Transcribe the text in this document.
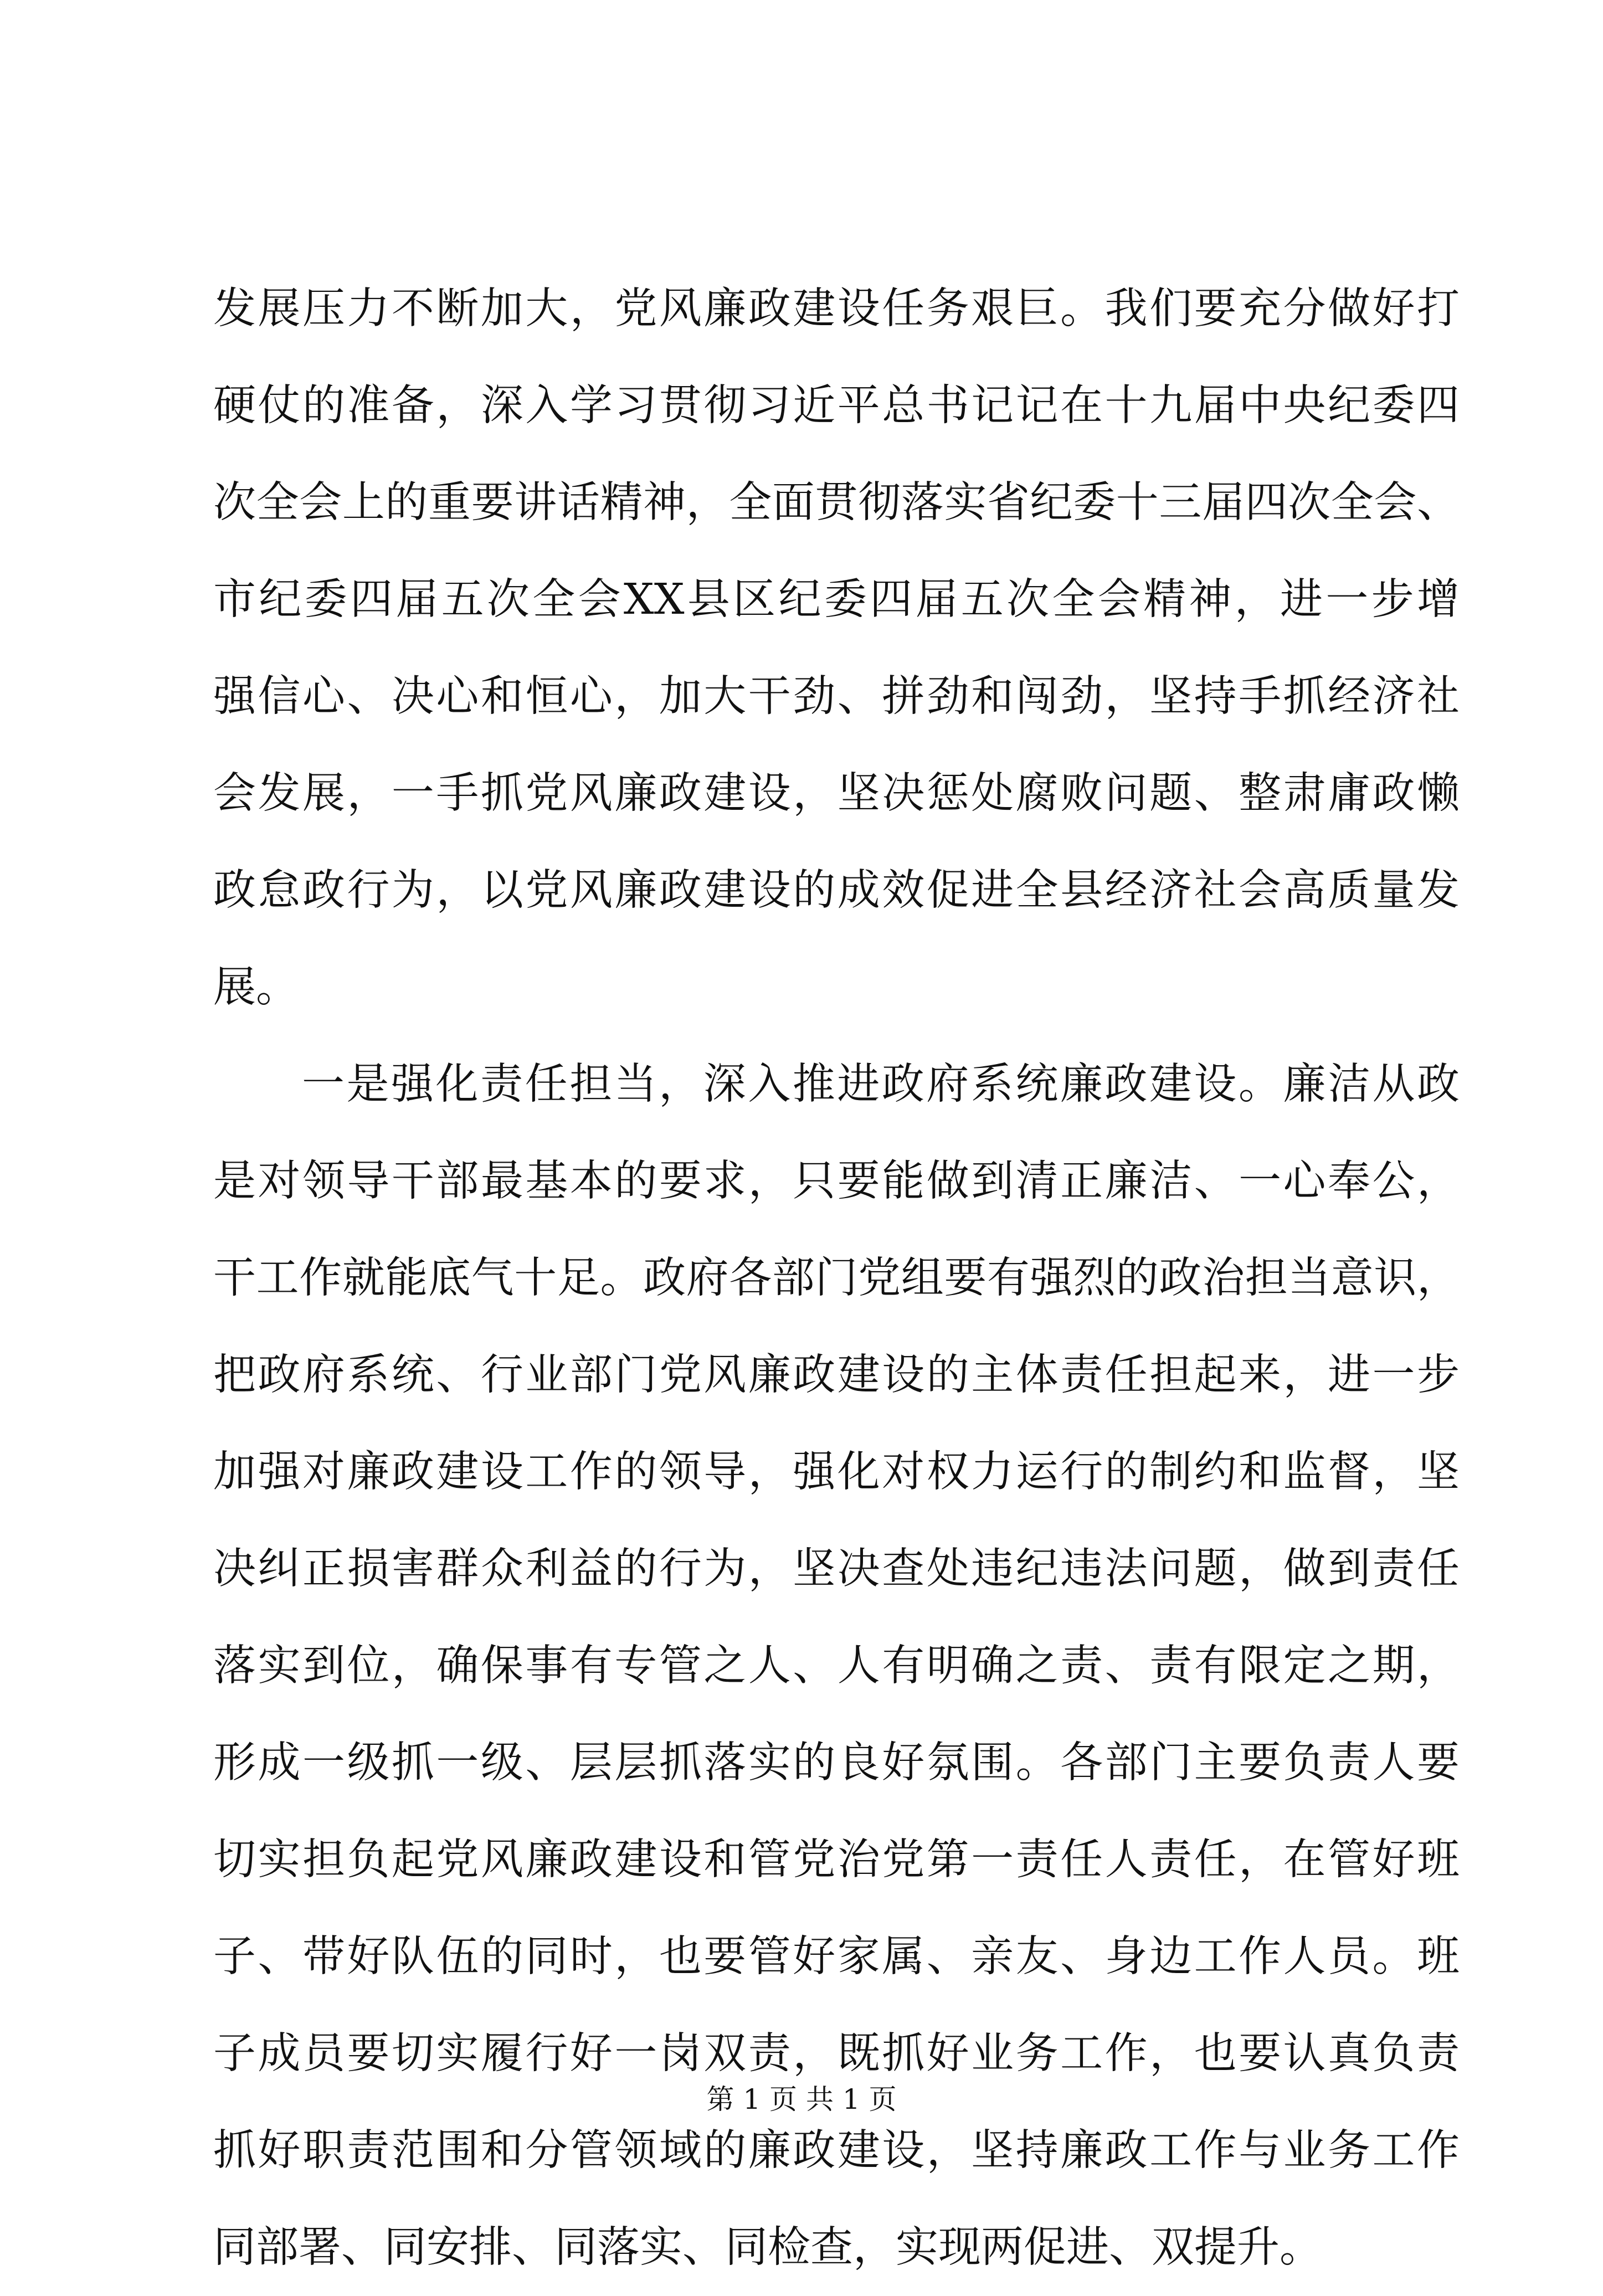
发展压力不断加大，党风廉政建设任务艰巨。我们要充分做好打
硬仗的准备，深入学习贯彻习近平总书记记在十九届中央纪委四
次全会上的重要讲话精神，全面贯彻落实省纪委十三届四次全会、
市纪委四届五次全会XX县区纪委四届五次全会精神，进一步增
强信心、决心和恒心，加大干劲、拼劲和闯劲，坚持手抓经济社
会发展，一手抓党风廉政建设，坚决惩处腐败问题、整肃庸政懒
政怠政行为，以党风廉政建设的成效促进全县经济社会高质量发
展。
一是强化责任担当，深入推进政府系统廉政建设。廉洁从政
是对领导干部最基本的要求，只要能做到清正廉洁、一心奉公，
干工作就能底气十足。政府各部门党组要有强烈的政治担当意识，
把政府系统、行业部门党风廉政建设的主体责任担起来，进一步
加强对廉政建设工作的领导，强化对权力运行的制约和监督，坚
决纠正损害群众利益的行为，坚决查处违纪违法问题，做到责任
落实到位，确保事有专管之人、人有明确之责、责有限定之期，
形成一级抓一级、层层抓落实的良好氛围。各部门主要负责人要
切实担负起党风廉政建设和管党治党第一责任人责任，在管好班
子、带好队伍的同时，也要管好家属、亲友、身边工作人员。班
子成员要切实履行好一岗双责，既抓好业务工作，也要认真负责
抓好职责范围和分管领域的廉政建设，坚持廉政工作与业务工作
同部署、同安排、同落实、同检查，实现两促进、双提升。
第 1 页 共 1 页
